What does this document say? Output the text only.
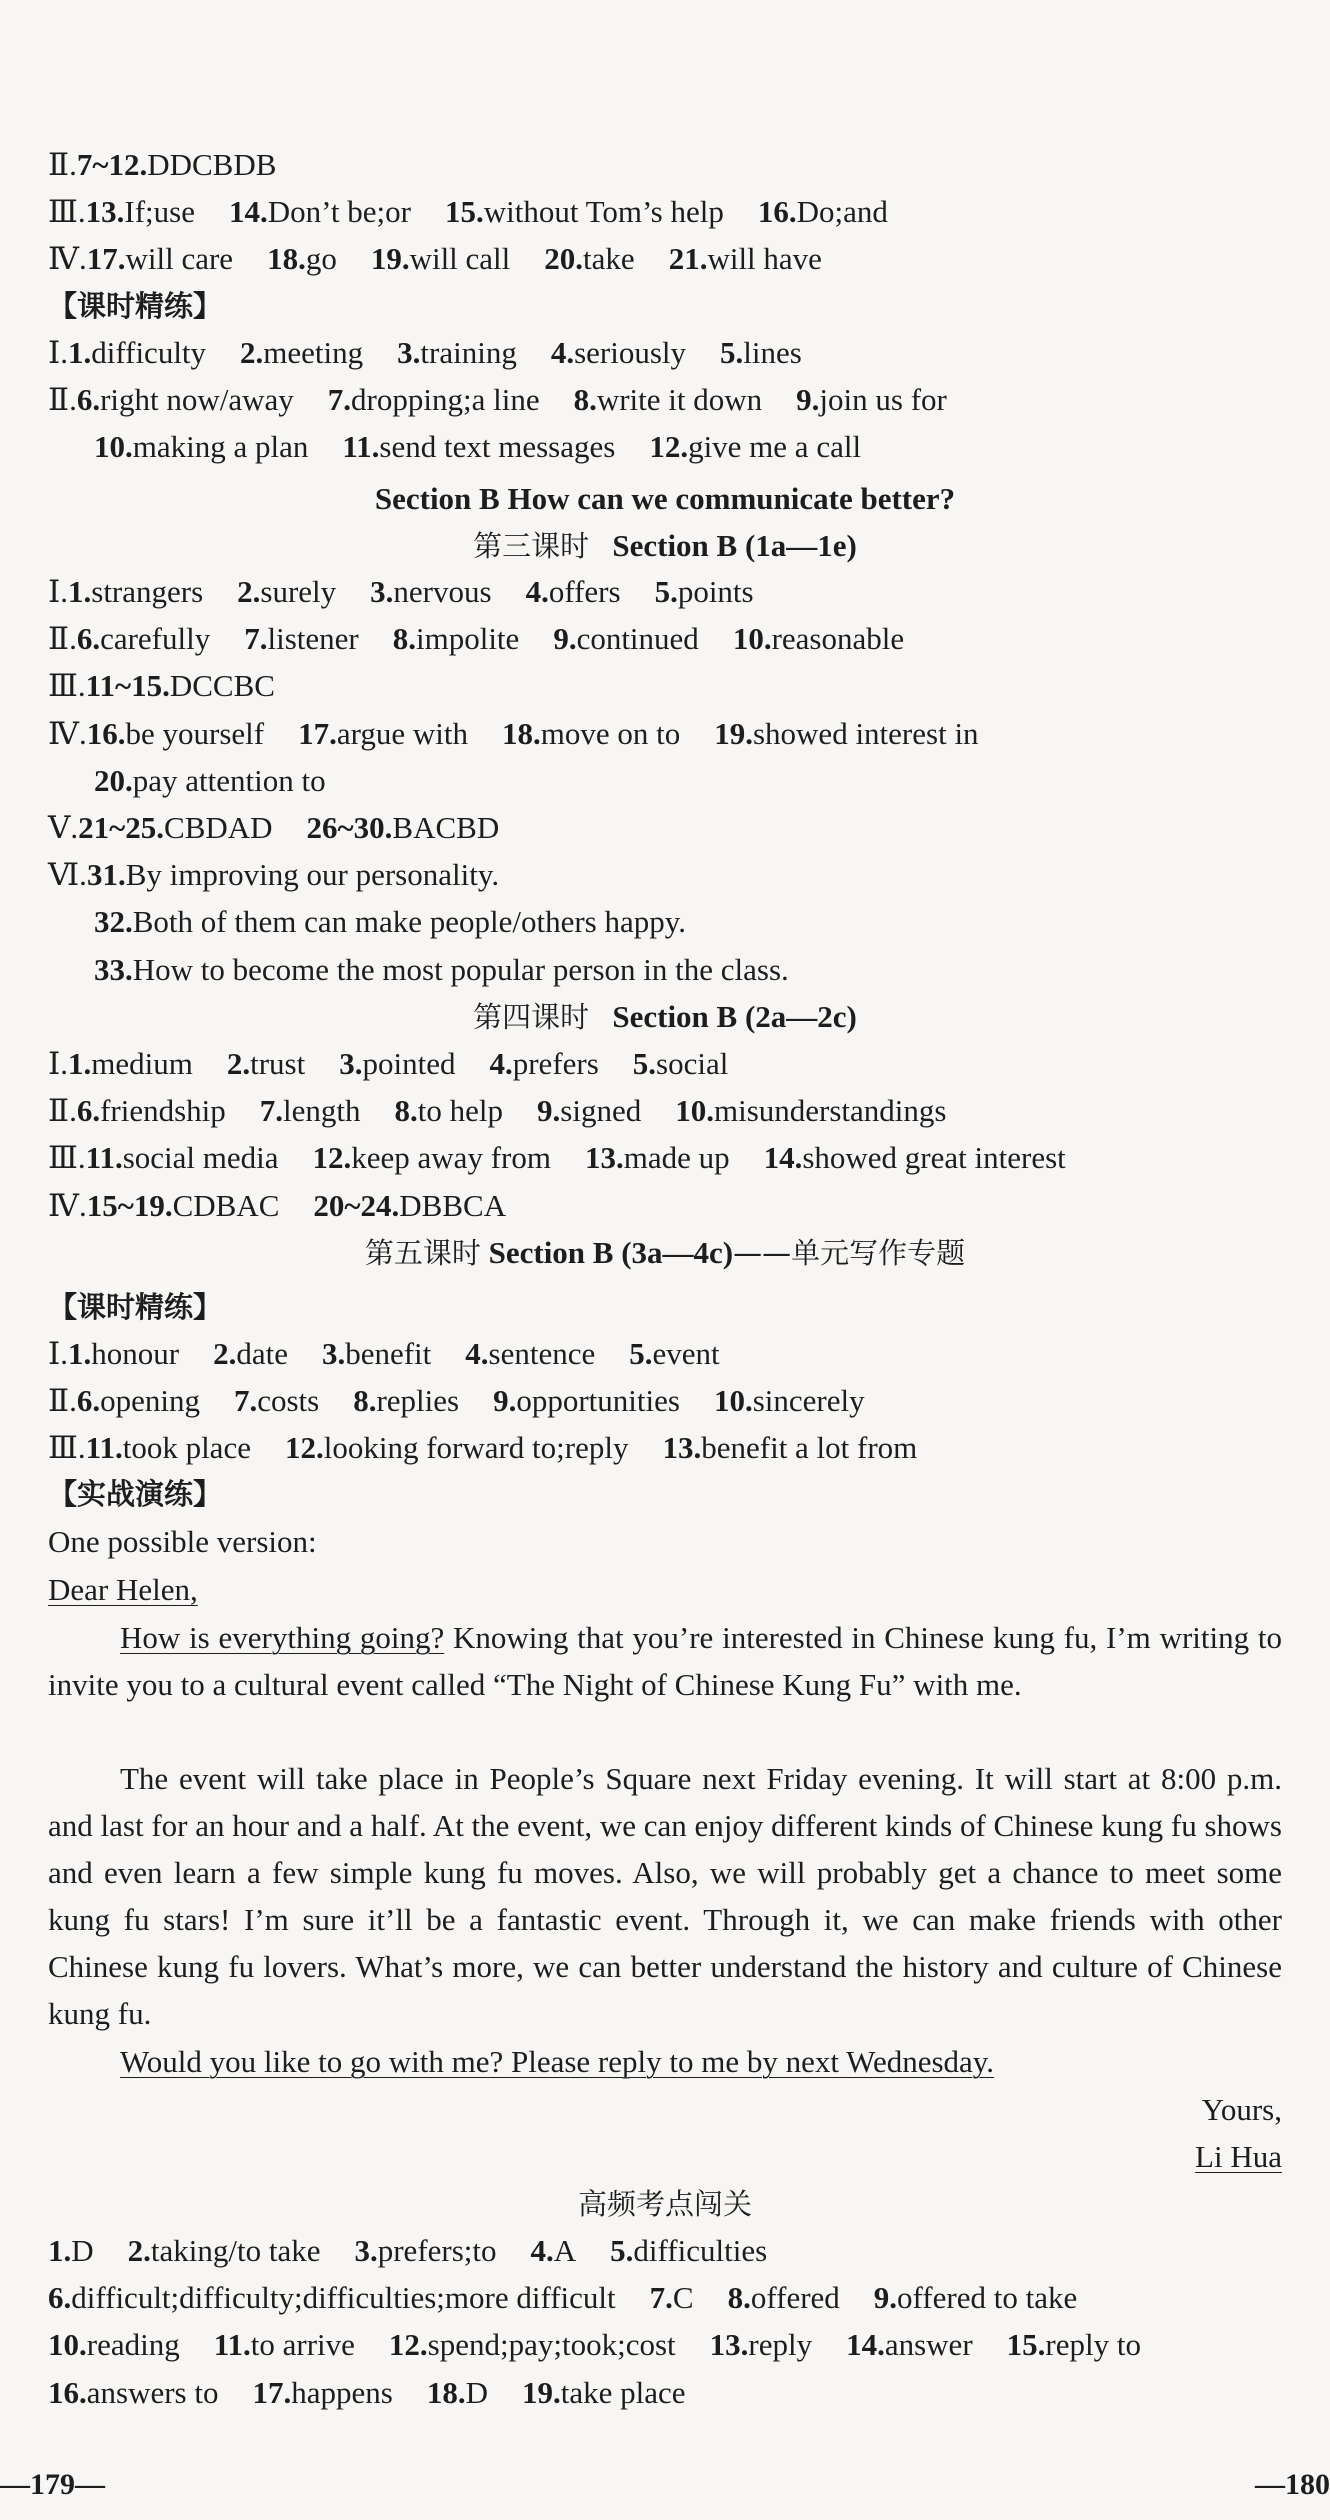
Ⅱ.7~12.DDCBDB
Ⅲ.13.If;use 14.Don’t be;or 15.without Tom’s help 16.Do;and
Ⅳ.17.will care 18.go 19.will call 20.take 21.will have
【课时精练】
Ⅰ.1.difficulty 2.meeting 3.training 4.seriously 5.lines
Ⅱ.6.right now/away 7.dropping;a line 8.write it down 9.join us for
10.making a plan 11.send text messages 12.give me a call
Section B How can we communicate better?
第三课时 Section B (1a—1e)
Ⅰ.1.strangers 2.surely 3.nervous 4.offers 5.points
Ⅱ.6.carefully 7.listener 8.impolite 9.continued 10.reasonable
Ⅲ.11~15.DCCBC
Ⅳ.16.be yourself 17.argue with 18.move on to 19.showed interest in
20.pay attention to
Ⅴ.21~25.CBDAD 26~30.BACBD
Ⅵ.31.By improving our personality.
32.Both of them can make people/others happy.
33.How to become the most popular person in the class.
第四课时 Section B (2a—2c)
Ⅰ.1.medium 2.trust 3.pointed 4.prefers 5.social
Ⅱ.6.friendship 7.length 8.to help 9.signed 10.misunderstandings
Ⅲ.11.social media 12.keep away from 13.made up 14.showed great interest
Ⅳ.15~19.CDBAC 20~24.DBBCA
第五课时 Section B (3a—4c)——单元写作专题
【课时精练】
Ⅰ.1.honour 2.date 3.benefit 4.sentence 5.event
Ⅱ.6.opening 7.costs 8.replies 9.opportunities 10.sincerely
Ⅲ.11.took place 12.looking forward to;reply 13.benefit a lot from
【实战演练】
One possible version:
Dear Helen,
How is everything going? Knowing that you’re interested in Chinese kung fu, I’m writing to invite you to a cultural event called “The Night of Chinese Kung Fu” with me.
The event will take place in People’s Square next Friday evening. It will start at 8:00 p.m. and last for an hour and a half. At the event, we can enjoy different kinds of Chinese kung fu shows and even learn a few simple kung fu moves. Also, we will probably get a chance to meet some kung fu stars! I’m sure it’ll be a fantastic event. Through it, we can make friends with other Chinese kung fu lovers. What’s more, we can better understand the history and culture of Chinese kung fu.
Would you like to go with me? Please reply to me by next Wednesday.
Yours,
Li Hua
高频考点闯关
1.D 2.taking/to take 3.prefers;to 4.A 5.difficulties
6.difficult;difficulty;difficulties;more difficult 7.C 8.offered 9.offered to take
10.reading 11.to arrive 12.spend;pay;took;cost 13.reply 14.answer 15.reply to
16.answers to 17.happens 18.D 19.take place
—179—	—180
